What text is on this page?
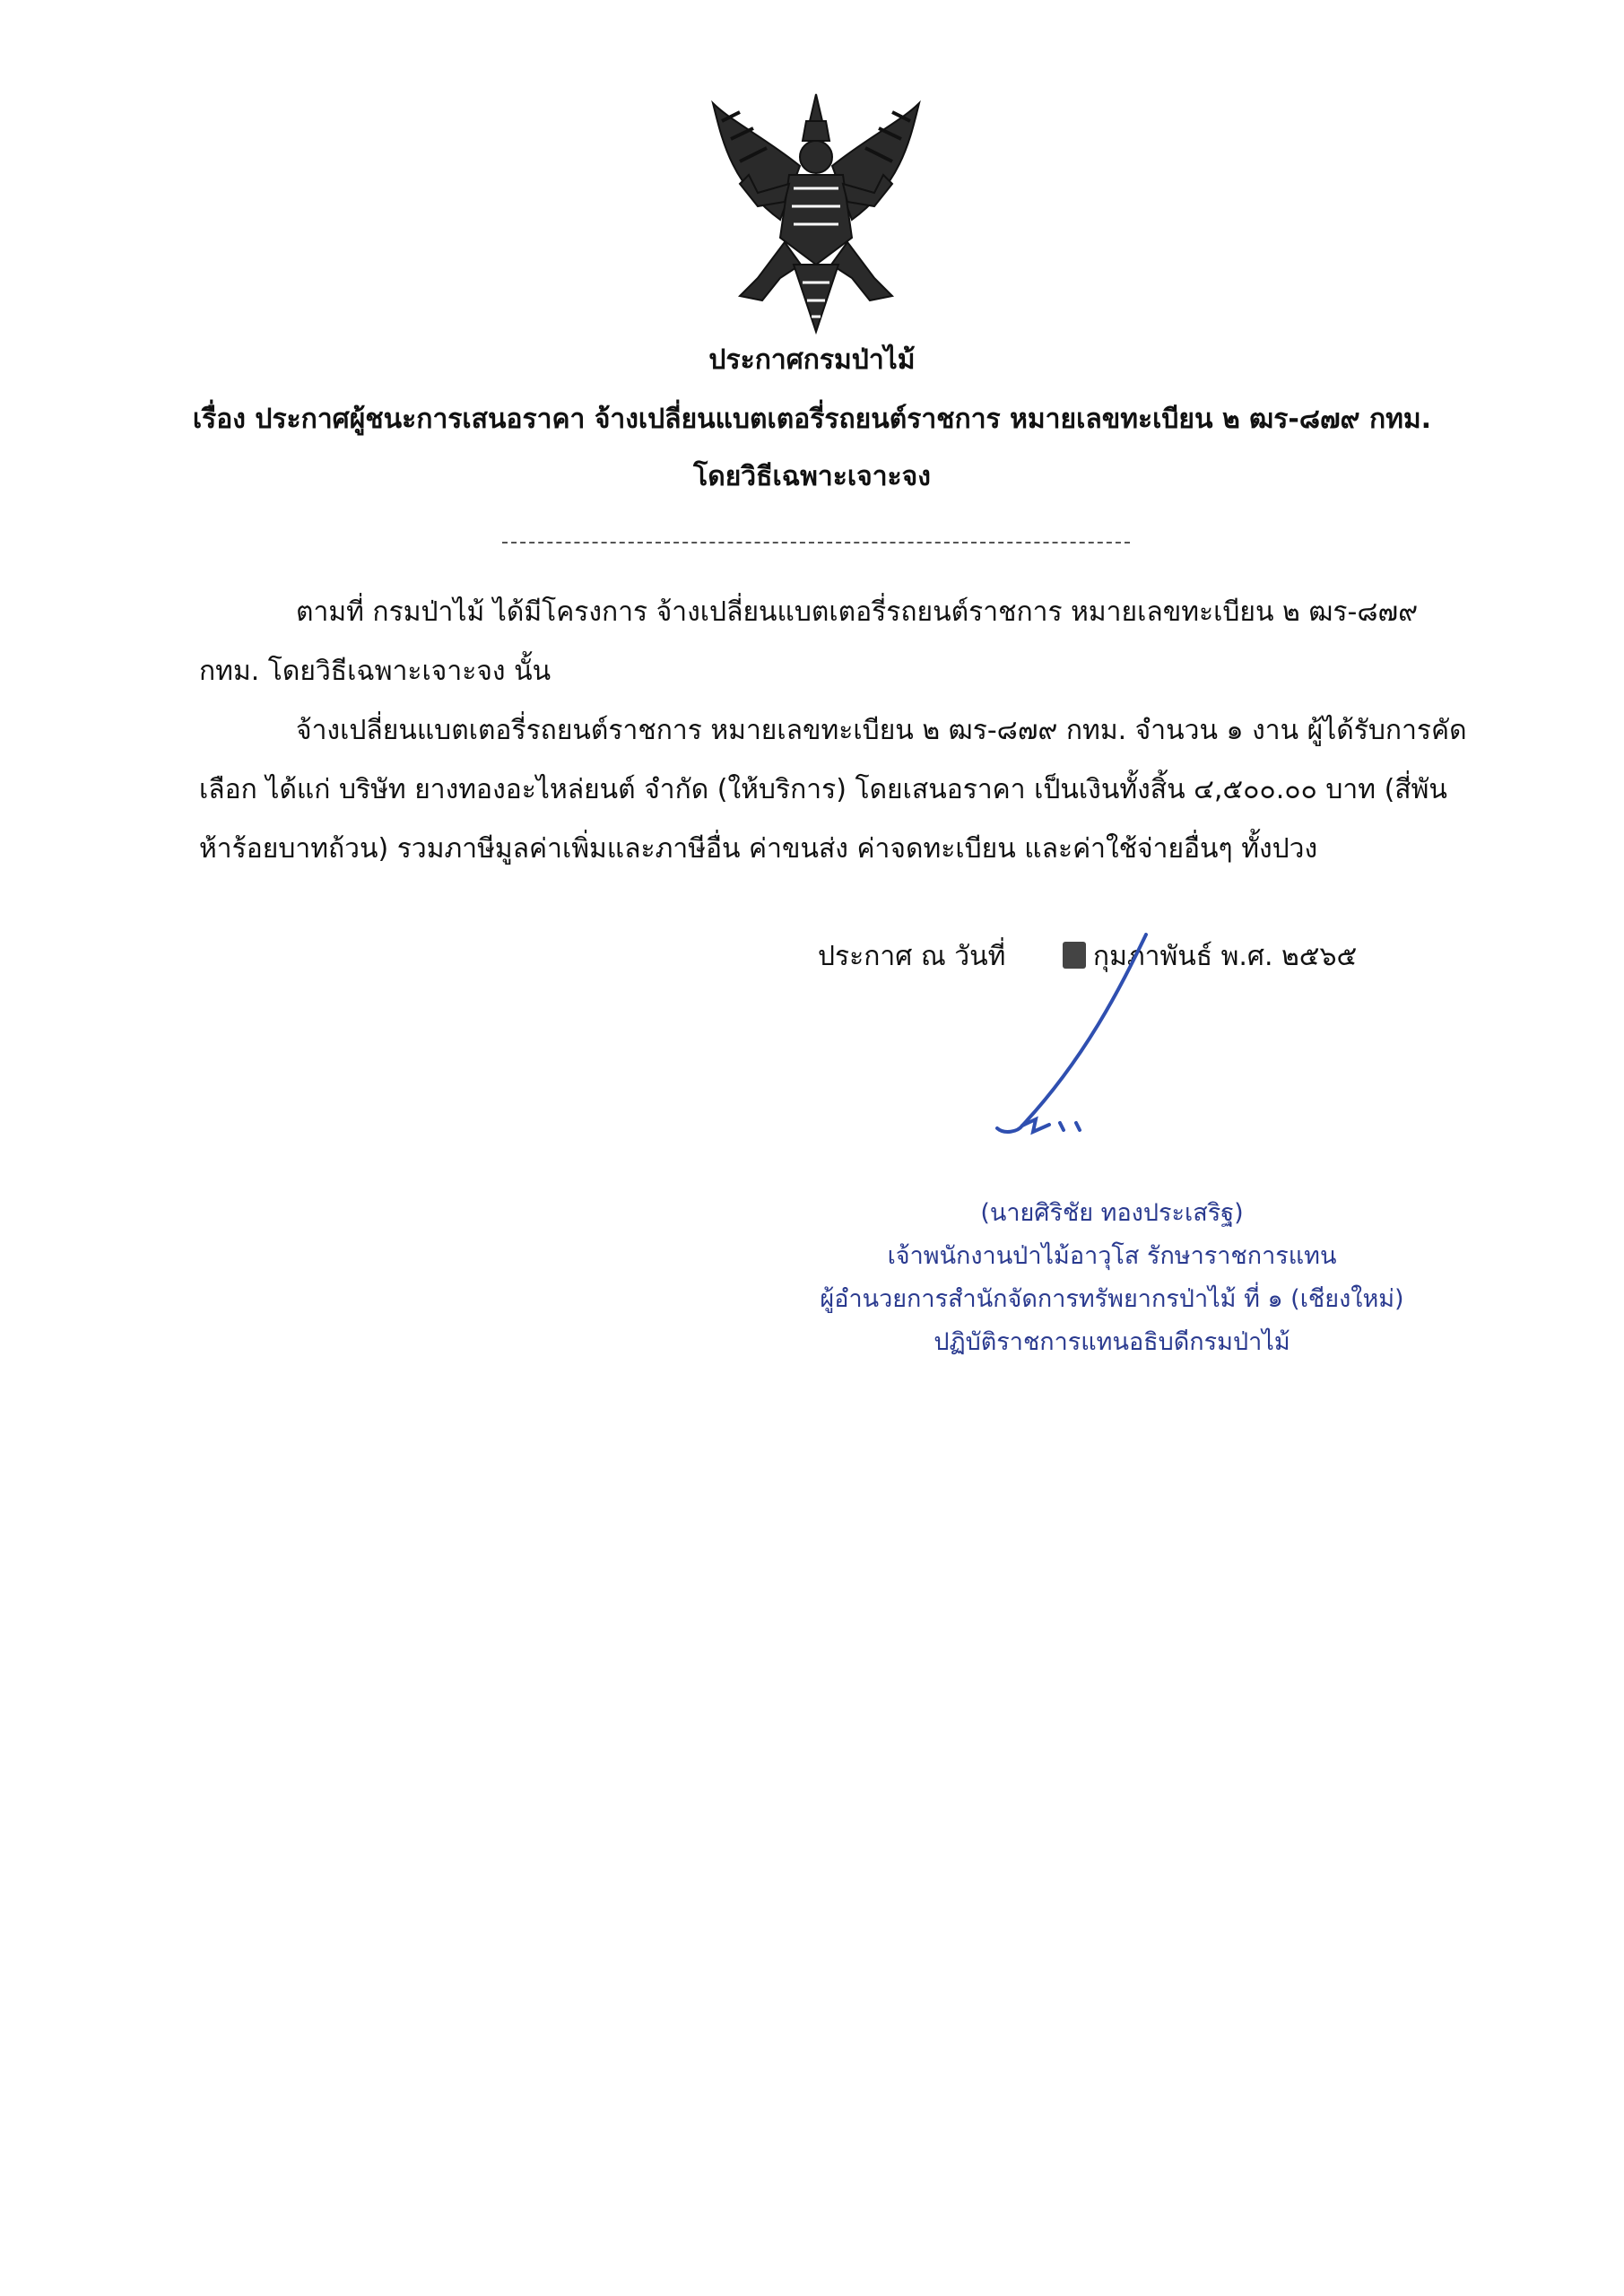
ประกาศกรมป่าไม้
เรื่อง ประกาศผู้ชนะการเสนอราคา จ้างเปลี่ยนแบตเตอรี่รถยนต์ราชการ หมายเลขทะเบียน ๒ ฒร-๘๗๙ กทม.
โดยวิธีเฉพาะเจาะจง

ตามที่ กรมป่าไม้ ได้มีโครงการ จ้างเปลี่ยนแบตเตอรี่รถยนต์ราชการ หมายเลขทะเบียน ๒ ฒร-๘๗๙ กทม. โดยวิธีเฉพาะเจาะจง นั้น

จ้างเปลี่ยนแบตเตอรี่รถยนต์ราชการ หมายเลขทะเบียน ๒ ฒร-๘๗๙ กทม. จำนวน ๑ งาน ผู้ได้รับการคัดเลือก ได้แก่ บริษัท ยางทองอะไหล่ยนต์ จำกัด (ให้บริการ) โดยเสนอราคา เป็นเงินทั้งสิ้น ๔,๕๐๐.๐๐ บาท (สี่พันห้าร้อยบาทถ้วน) รวมภาษีมูลค่าเพิ่มและภาษีอื่น ค่าขนส่ง ค่าจดทะเบียน และค่าใช้จ่ายอื่นๆ ทั้งปวง

ประกาศ ณ วันที่	กุมภาพันธ์ พ.ศ. ๒๕๖๕
(นายศิริชัย ทองประเสริฐ)
เจ้าพนักงานป่าไม้อาวุโส รักษาราชการแทน
ผู้อำนวยการสำนักจัดการทรัพยากรป่าไม้ ที่ ๑ (เชียงใหม่)
ปฏิบัติราชการแทนอธิบดีกรมป่าไม้
